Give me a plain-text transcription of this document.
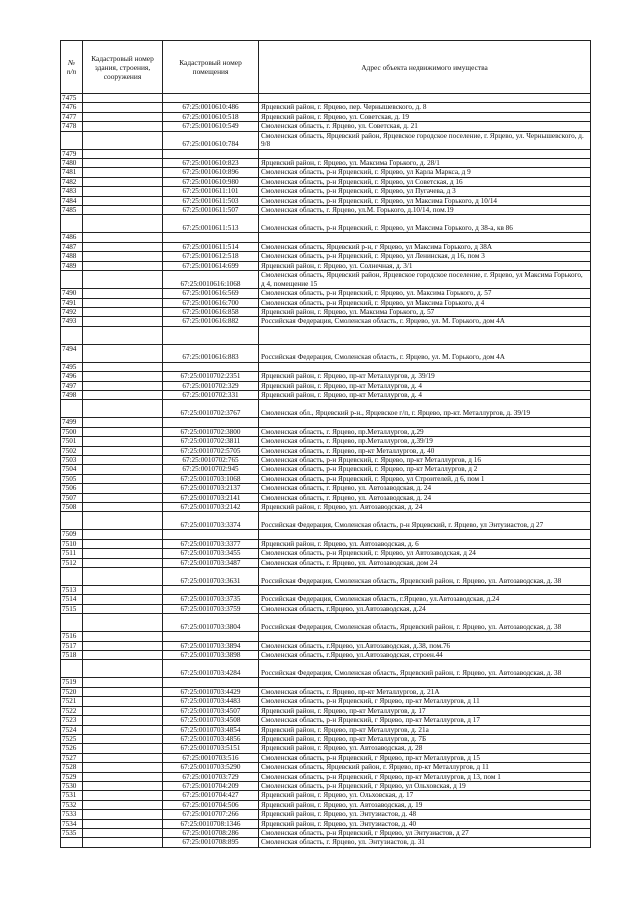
№
п/п	Кадастровый номер здания, строения, сооружения	Кадастровый номер помещения	Адрес объекта недвижимого имущества
7475			
7476		67:25:0010610:486	Ярцевский район, г. Ярцево, пер. Чернышевского, д. 8
7477		67:25:0010610:518	Ярцевский район, г. Ярцево, ул. Советская, д. 19
7478		67:25:0010610:549	Смоленская область, г. Ярцево, ул. Советская, д. 21
		67:25:0010610:784	Смоленская область, Ярцевский район, Ярцевское городское поселение, г. Ярцево, ул. Чернышевского, д. 9/8
7479			
7480		67:25:0010610:823	Ярцевский район, г. Ярцево, ул. Максима Горького, д. 28/1
7481		67:25:0010610:896	Смоленская область, р-н Ярцевский, г. Ярцево, ул Карла Маркса, д 9
7482		67:25:0010610:980	Смоленская область, р-н Ярцевский, г. Ярцево, ул Советская, д 16
7483		67:25:0010611:101	Смоленская область, р-н Ярцевский, г. Ярцево, ул Пугачева, д 3
7484		67:25:0010611:503	Смоленская область, р-н Ярцевский, г. Ярцево, ул Максима Горького, д 10/14
7485		67:25:0010611:507	Смоленская область, г. Ярцево, ул.М. Горького, д.10/14, пом.19
		67:25:0010611:513	Смоленская область, р-н Ярцевский, г. Ярцево, ул Максима Горького, д 38-а, кв 86
7486			
7487		67:25:0010611:514	Смоленская область, Ярцевский р-н, г Ярцево, ул Максима Горького, д 38А
7488		67:25:0010612:518	Смоленская область, р-н Ярцевский, г. Ярцево, ул Ленинская, д 16, пом 3
7489		67:25:0010614:699	Ярцевский район, г. Ярцево, ул. Солнечная, д. 3/1
		67:25:0010616:1068	Смоленская область, Ярцевский район, Ярцевское городское поселение, г. Ярцево, ул Максима Горького, д 4, помещение 15
7490		67:25:0010616:569	Смоленская область, р-н Ярцевский, г. Ярцево, ул. Максима Горького, д. 57
7491		67:25:0010616:700	Смоленская область, р-н Ярцевский, г. Ярцево, ул Максима Горького, д 4
7492		67:25:0010616:858	Ярцевский район, г. Ярцево, ул. Максима Горького, д. 57
7493		67:25:0010616:882	Российская Федерация, Смоленская область, г. Ярцево, ул. М. Горького, дом 4А

7494		67:25:0010616:883	Российская Федерация, Смоленская область, г. Ярцево, ул. М. Горького, дом 4А
7495			
7496		67:25:0010702:2351	Ярцевский район, г. Ярцево, пр-кт Металлургов, д. 39/19
7497		67:25:0010702:329	Ярцевский район, г. Ярцево, пр-кт Металлургов, д. 4
7498		67:25:0010702:331	Ярцевский район, г. Ярцево, пр-кт Металлургов, д. 4
		67:25:0010702:3767	Смоленская обл., Ярцевский р-н., Ярцевское г/п, г. Ярцево, пр-кт. Металлургов, д. 39/19
7499			
7500		67:25:0010702:3800	Смоленская область, г. Ярцево, пр.Металлургов, д.29
7501		67:25:0010702:3811	Смоленская область, г. Ярцево, пр.Металлургов, д.39/19
7502		67:25:0010702:5705	Смоленская область, г. Ярцево, пр-кт Металлургов, д. 40
7503		67:25:0010702:765	Смоленская область, р-н Ярцевский, г. Ярцево, пр-кт Металлургов, д 16
7504		67:25:0010702:945	Смоленская область, р-н Ярцевский, г. Ярцево, пр-кт Металлургов, д 2
7505		67:25:0010703:1068	Смоленская область, р-н Ярцевский, г. Ярцево, ул Строителей, д 6, пом 1
7506		67:25:0010703:2137	Смоленская область, г. Ярцево, ул. Автозаводская, д. 24
7507		67:25:0010703:2141	Смоленская область, г. Ярцево, ул. Автозаводская, д. 24
7508		67:25:0010703:2142	Ярцевский район, г. Ярцево, ул. Автозаводская, д. 24
		67:25:0010703:3374	Российская Федерация, Смоленская область, р-н Ярцевский, г. Ярцево, ул Энтузиастов, д 27
7509			
7510		67:25:0010703:3377	Ярцевский район, г. Ярцево, ул. Автозаводская, д. 6
7511		67:25:0010703:3455	Смоленская область, р-н Ярцевский, г. Ярцево, ул Автозаводская, д 24
7512		67:25:0010703:3487	Смоленская область, г. Ярцево, ул. Автозаводская, дом 24
		67:25:0010703:3631	Российская Федерация, Смоленская область, Ярцевский район, г. Ярцево, ул. Автозаводская, д. 38
7513			
7514		67:25:0010703:3735	Российская Федерация, Смоленская область, г.Ярцево, ул.Автозаводская, д.24
7515		67:25:0010703:3759	Смоленская область, г.Ярцево, ул.Автозаводская, д.24
		67:25:0010703:3804	Российская Федерация, Смоленская область, Ярцевский район, г. Ярцево, ул. Автозаводская, д. 38
7516			
7517		67:25:0010703:3894	Смоленская область, г.Ярцево, ул.Автозаводская, д.38, пом.76
7518		67:25:0010703:3898	Смоленская область, г.Ярцево, ул.Автозаводская, строен.44
		67:25:0010703:4284	Российская Федерация, Смоленская область, Ярцевский район, г. Ярцево, ул. Автозаводская, д. 38
7519			
7520		67:25:0010703:4429	Смоленская область, г. Ярцево, пр-кт Металлургов, д. 21А
7521		67:25:0010703:4483	Смоленская область, р-н Ярцевский, г Ярцево, пр-кт Металлургов, д 11
7522		67:25:0010703:4507	Ярцевский район, г. Ярцево, пр-кт Металлургов, д. 17
7523		67:25:0010703:4508	Смоленская область, р-н Ярцевский, г Ярцево, пр-кт Металлургов, д 17
7524		67:25:0010703:4854	Ярцевский район, г. Ярцево, пр-кт Металлургов, д. 21а
7525		67:25:0010703:4856	Ярцевский район, г. Ярцево, пр-кт Металлургов, д. 7Б
7526		67:25:0010703:5151	Ярцевский район, г. Ярцево, ул. Автозаводская, д. 28
7527		67:25:0010703:516	Смоленская область, р-н Ярцевский, г Ярцево, пр-кт Металлургов, д 15
7528		67:25:0010703:5290	Смоленская область, Ярцевский район, г. Ярцево, пр-кт Металлургов, д 11
7529		67:25:0010703:729	Смоленская область, р-н Ярцевский, г Ярцево, пр-кт Металлургов, д 13, пом 1
7530		67:25:0010704:209	Смоленская область, р-н Ярцевский, г Ярцево, ул Ольховская, д 19
7531		67:25:0010704:427	Ярцевский район, г. Ярцево, ул. Ольховская, д. 17
7532		67:25:0010704:506	Ярцевский район, г. Ярцево, ул. Автозаводская, д. 19
7533		67:25:0010707:266	Ярцевский район, г. Ярцево, ул. Энтузиастов, д. 48
7534		67:25:0010708:1346	Ярцевский район, г. Ярцево, ул. Энтузиастов, д. 40
7535		67:25:0010708:286	Смоленская область, р-н Ярцевский, г Ярцево, ул Энтузиастов, д 27
		67:25:0010708:895	Смоленская область, г. Ярцево, ул. Энтузиастов, д. 31
